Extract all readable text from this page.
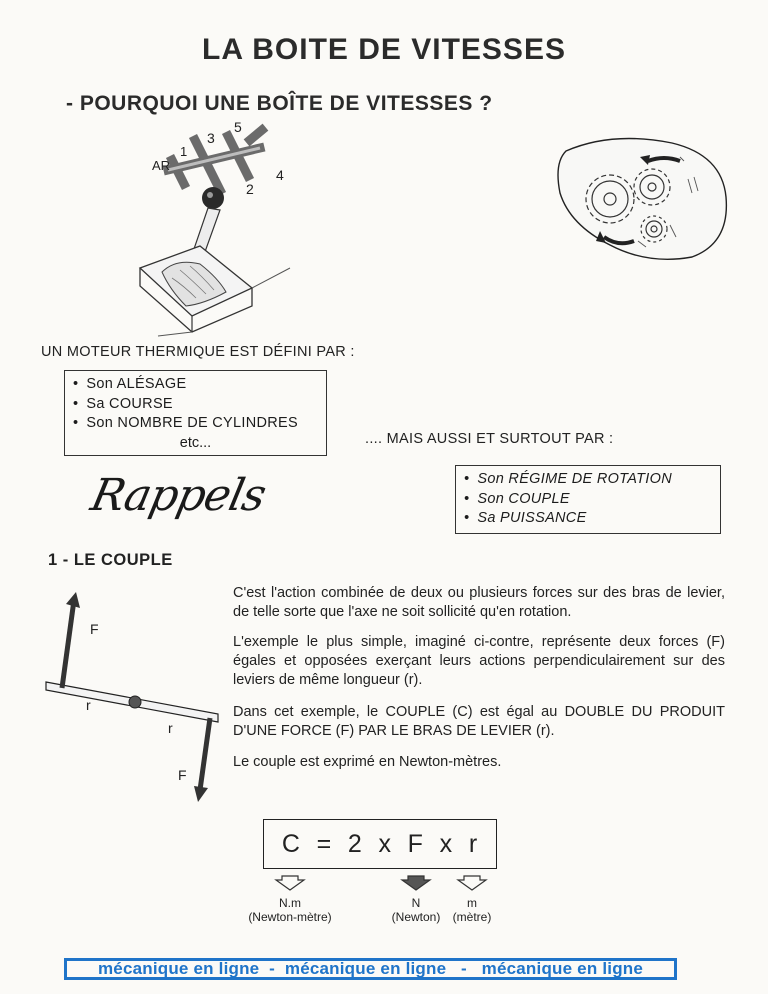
LA BOITE DE VITESSES
- POURQUOI UNE BOÎTE DE VITESSES ?
5
3
1
AR
4
2
UN MOTEUR THERMIQUE EST DÉFINI PAR :
• Son ALÉSAGE
• Sa COURSE
• Son NOMBRE DE CYLINDRES
etc...	.... MAIS AUSSI ET SURTOUT PAR :
• Son RÉGIME DE ROTATION
• Son COUPLE
• Sa PUISSANCE
Rappels
1 - LE COUPLE
F
r
r
F
C'est l'action combinée de deux ou plusieurs forces sur des bras de levier, de telle sorte que l'axe ne soit sollicité qu'en rotation.
L'exemple le plus simple, imaginé ci-contre, représente deux forces (F) égales et opposées exerçant leurs actions perpendiculairement sur des leviers de même longueur (r).
Dans cet exemple, le COUPLE (C) est égal au DOUBLE DU PRODUIT D'UNE FORCE (F) PAR LE BRAS DE LEVIER (r).
Le couple est exprimé en Newton-mètres.
C = 2 x F x r
N.m
(Newton-mètre)
N
(Newton)
m
(mètre)
mécanique en ligne  -  mécanique en ligne   -   mécanique en ligne
